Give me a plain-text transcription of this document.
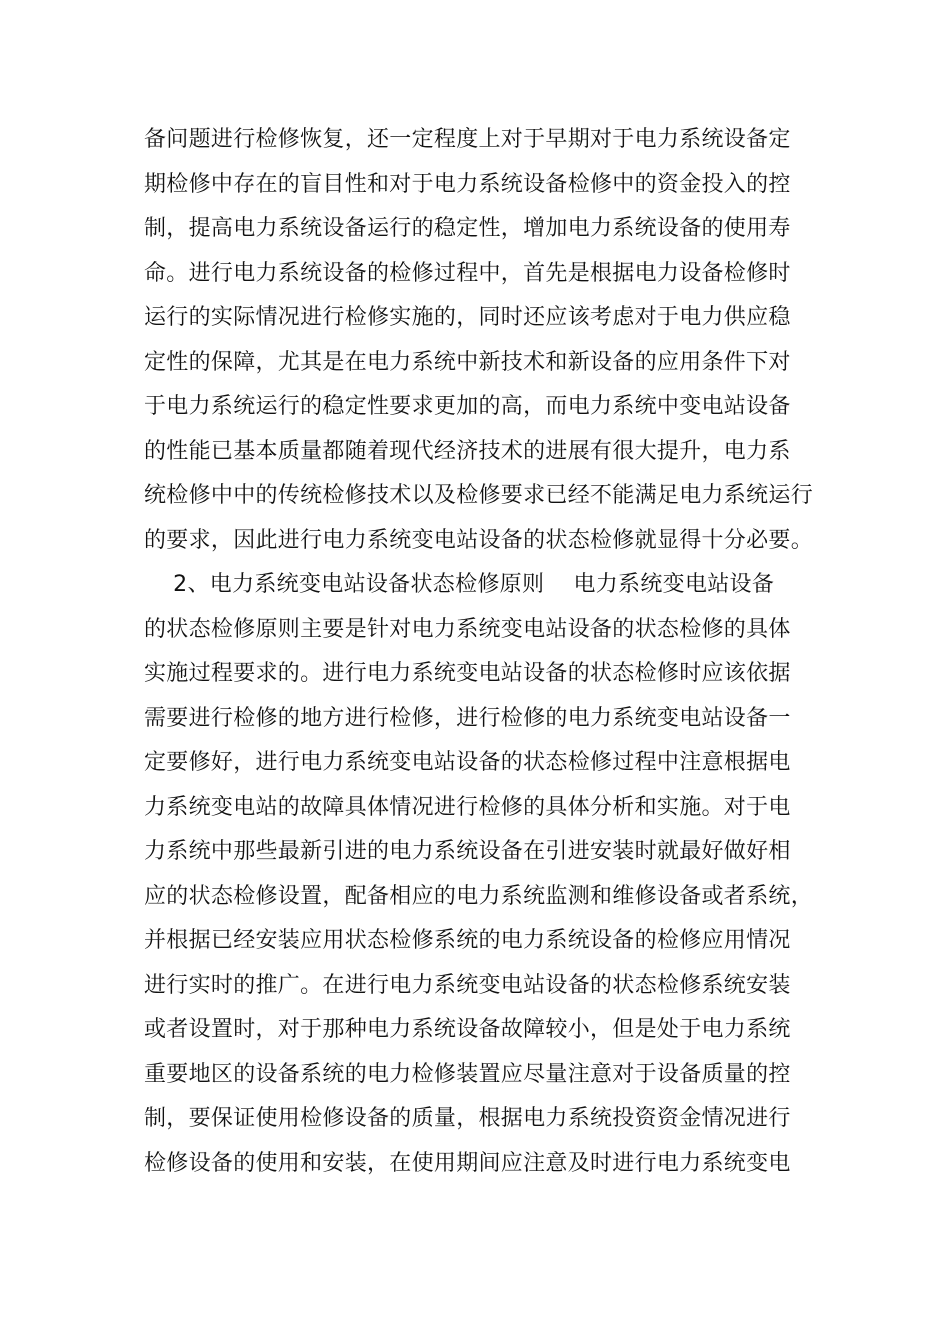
备问题进行检修恢复，还一定程度上对于早期对于电力系统设备定
期检修中存在的盲目性和对于电力系统设备检修中的资金投入的控
制，提高电力系统设备运行的稳定性，增加电力系统设备的使用寿
命。进行电力系统设备的检修过程中，首先是根据电力设备检修时
运行的实际情况进行检修实施的，同时还应该考虑对于电力供应稳
定性的保障，尤其是在电力系统中新技术和新设备的应用条件下对
于电力系统运行的稳定性要求更加的高，而电力系统中变电站设备
的性能已基本质量都随着现代经济技术的进展有很大提升，电力系
统检修中中的传统检修技术以及检修要求已经不能满足电力系统运行
的要求，因此进行电力系统变电站设备的状态检修就显得十分必要。
2、电力系统变电站设备状态检修原则    电力系统变电站设备
的状态检修原则主要是针对电力系统变电站设备的状态检修的具体
实施过程要求的。进行电力系统变电站设备的状态检修时应该依据
需要进行检修的地方进行检修，进行检修的电力系统变电站设备一
定要修好，进行电力系统变电站设备的状态检修过程中注意根据电
力系统变电站的故障具体情况进行检修的具体分析和实施。对于电
力系统中那些最新引进的电力系统设备在引进安装时就最好做好相
应的状态检修设置，配备相应的电力系统监测和维修设备或者系统，
并根据已经安装应用状态检修系统的电力系统设备的检修应用情况
进行实时的推广。在进行电力系统变电站设备的状态检修系统安装
或者设置时，对于那种电力系统设备故障较小，但是处于电力系统
重要地区的设备系统的电力检修装置应尽量注意对于设备质量的控
制，要保证使用检修设备的质量，根据电力系统投资资金情况进行
检修设备的使用和安装，在使用期间应注意及时进行电力系统变电
